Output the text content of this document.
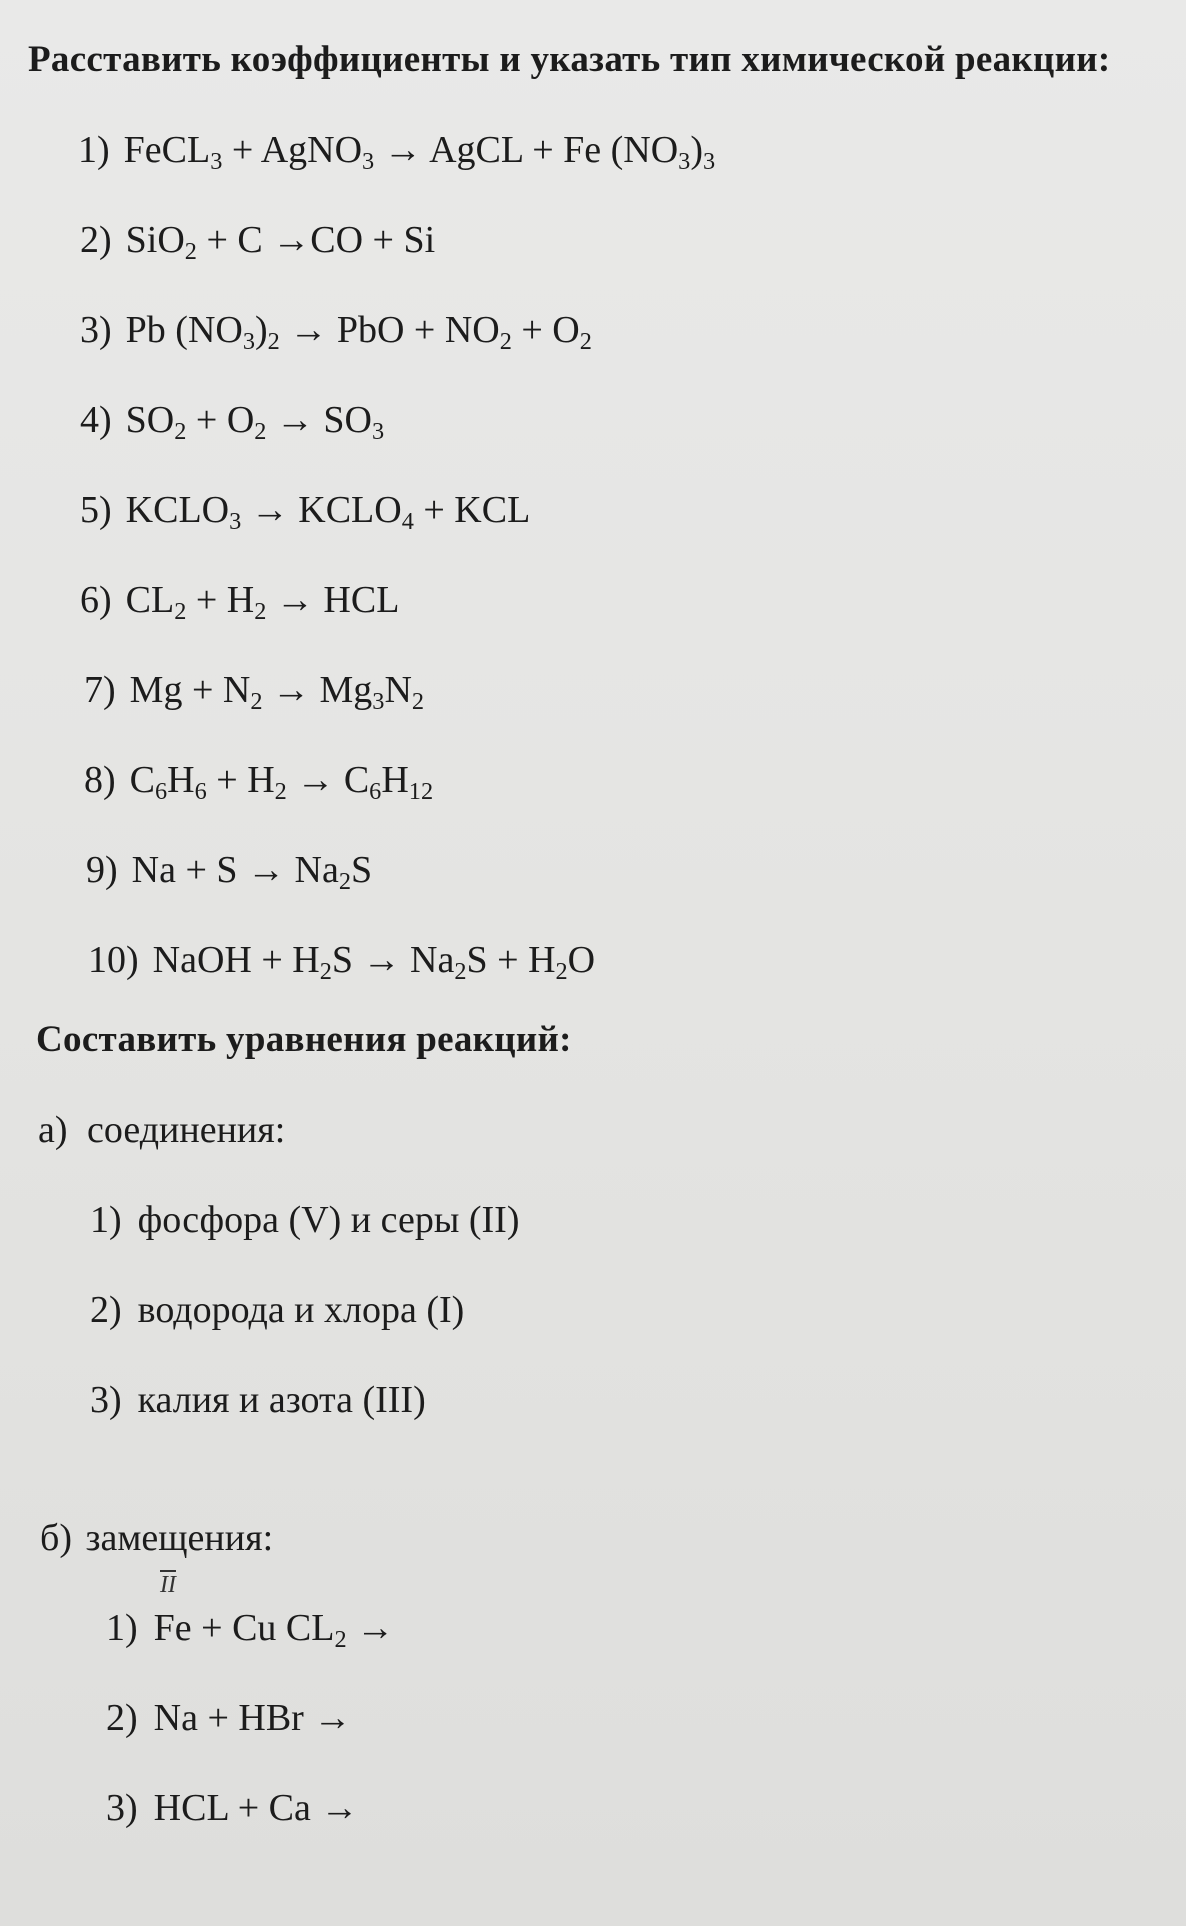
Расставить коэффициенты и указать тип химической реакции:
1) FeCL$_3$ + AgNO$_3$ → AgCL + Fe $(NO_3)_3$
2) SiO$_2$ + C →CO + Si
3) Pb $(NO_3)_2$ → PbO + $NO_2 + O_2$
4) $SO_2 + O_2 \to SO_3$
5) $KCLO_3$ → $KCLO_4$ + KCL
6) $CL_2 + H_2$ → HCL
7) $Mg + N_2 \to Mg_3N_2$
8) $C_6H_6 + H_2 \to C_6H_{12}$
9) $Na + S \to Na_2S$
10) NaOH + $H_2S \to Na_2S + H_2O$
Составить уравнения реакций:
а) соединения:
1) фосфора (V) и серы (II)
2) водорода и хлора (I)
3) калия и азота (III)
б) замещения:
$\overline{II}$
1) Fe + Cu $CL_2$ →
2) Na + HBr →
3) HCL + Ca →
